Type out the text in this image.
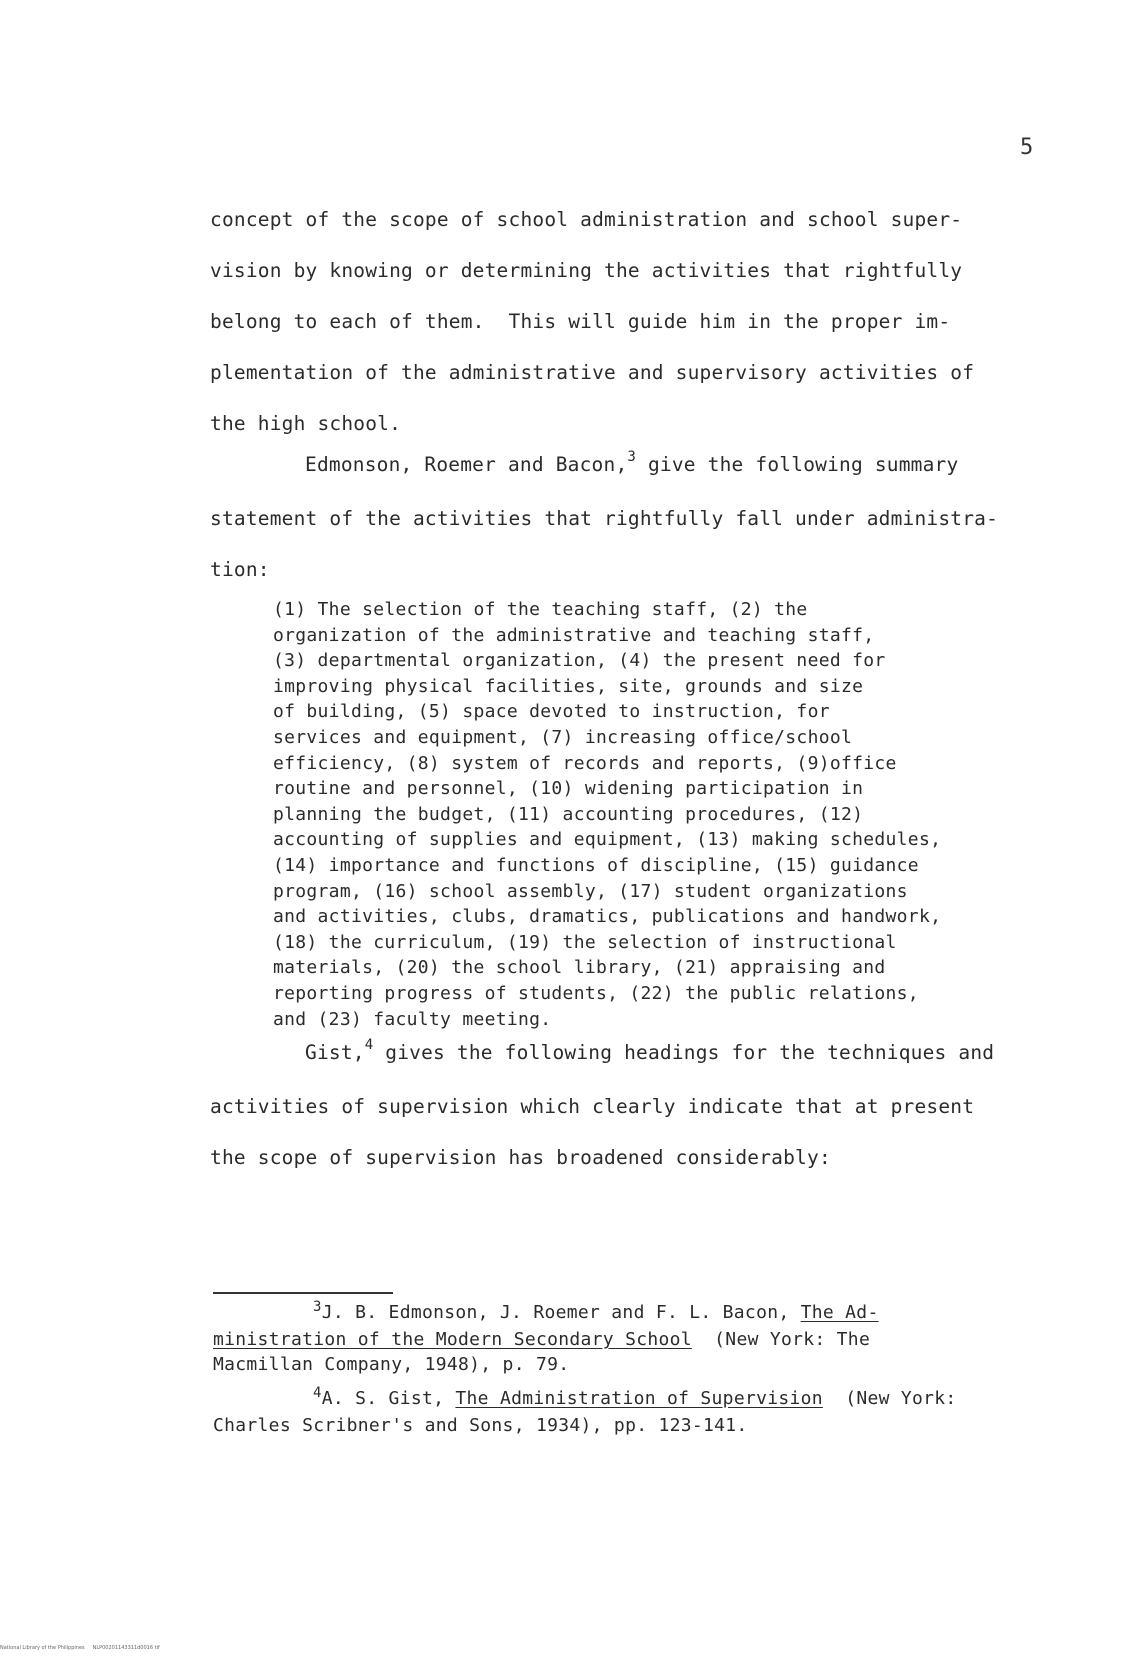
5
concept of the scope of school administration and school super-
vision by knowing or determining the activities that rightfully
belong to each of them.  This will guide him in the proper im-
plementation of the administrative and supervisory activities of
the high school.
Edmonson, Roemer and Bacon,$^3$ give the following summary
statement of the activities that rightfully fall under administra-
tion:
(1) The selection of the teaching staff, (2) the
organization of the administrative and teaching staff,
(3) departmental organization, (4) the present need for
improving physical facilities, site, grounds and size
of building, (5) space devoted to instruction, for
services and equipment, (7) increasing office/school
efficiency, (8) system of records and reports, (9)office
routine and personnel, (10) widening participation in
planning the budget, (11) accounting procedures, (12)
accounting of supplies and equipment, (13) making schedules,
(14) importance and functions of discipline, (15) guidance
program, (16) school assembly, (17) student organizations
and activities, clubs, dramatics, publications and handwork,
(18) the curriculum, (19) the selection of instructional
materials, (20) the school library, (21) appraising and
reporting progress of students, (22) the public relations,
and (23) faculty meeting.
Gist,$^4$ gives the following headings for the techniques and
activities of supervision which clearly indicate that at present
the scope of supervision has broadened considerably:
$^3$J. B. Edmonson, J. Roemer and F. L. Bacon, The Ad-
ministration of the Modern Secondary School  (New York: The
Macmillan Company, 1948), p. 79.
$^4$A. S. Gist, The Administration of Supervision  (New York:
Charles Scribner's and Sons, 1934), pp. 123-141.
National Library of the Philippines     NLP00201143311d0016 tif
